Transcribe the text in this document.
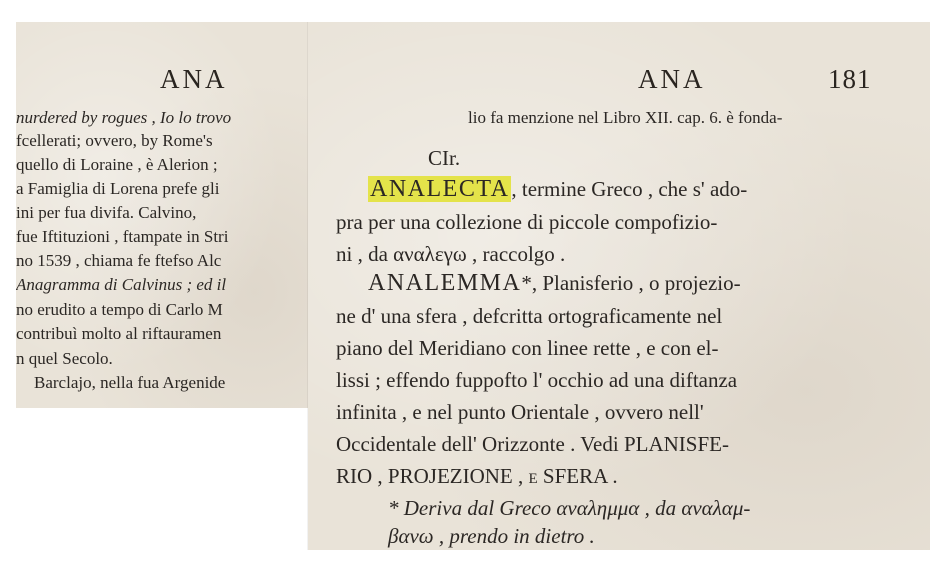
ANA
nurdered by rogues , Io lo trovo
fcellerati; ovvero, by Rome's
quello di Loraine , è Alerion ;
a Famiglia di Lorena prefe gli
ini per fua divifa. Calvino,
fue Iftituzioni , ftampate in Stri
no 1539 , chiama fe ftefso Alc
Anagramma di Calvinus ; ed il
no erudito a tempo di Carlo M
contribuì molto al riftauramen
n quel Secolo.
Barclajo, nella fua Argenide
ANA	181
lio fa menzione nel Libro XII. cap. 6. è fonda-
CIr.
ANALECTA, termine Greco , che s' ado-
pra per una collezione di piccole compofizio-
ni , da αναλεγω , raccolgo .
ANALEMMA*, Planisferio , o projezio-
ne d' una sfera , defcritta ortograficamente nel
piano del Meridiano con linee rette , e con el-
lissi ; effendo fuppofto l' occhio ad una diftanza
infinita , e nel punto Orientale , ovvero nell'
Occidentale dell' Orizzonte . Vedi PLANISFE-
RIO , PROJEZIONE , e SFERA .
* Deriva dal Greco αναλημμα , da αναλαμ-
βανω , prendo in dietro .
